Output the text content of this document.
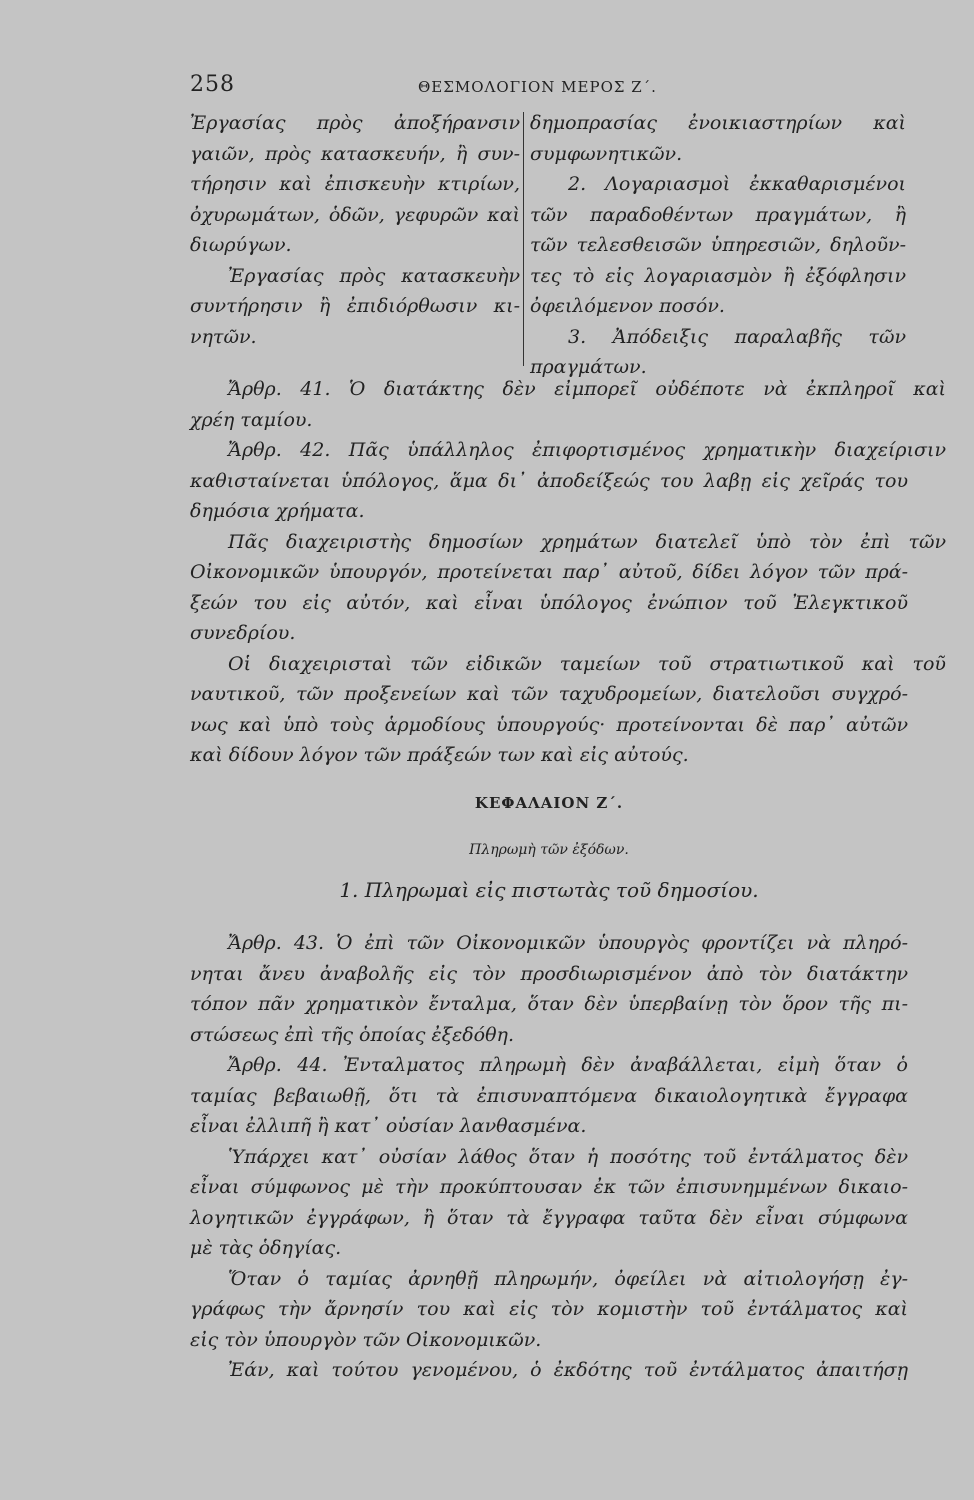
258	ΘΕΣΜΟΛΟΓΙΟΝ ΜΕΡΟΣ Ζ΄.
Ἐργασίας πρὸς ἀποξήρανσιν
γαιῶν, πρὸς κατασκευήν, ἢ συν-
τήρησιν καὶ ἐπισκευὴν κτιρίων,
ὀχυρωμάτων, ὁδῶν, γεφυρῶν καὶ
διωρύγων.
Ἐργασίας πρὸς κατασκευὴν
συντήρησιν ἢ ἐπιδιόρθωσιν κι-
νητῶν.
δημοπρασίας ἐνοικιαστηρίων καὶ
συμφωνητικῶν.
2. Λογαριασμοὶ ἐκκαθαρισμένοι
τῶν παραδοθέντων πραγμάτων, ἢ
τῶν τελεσθεισῶν ὑπηρεσιῶν, δηλοῦν-
τες τὸ εἰς λογαριασμὸν ἢ ἐξόφλησιν
ὀφειλόμενον ποσόν.
3. Ἀπόδειξις παραλαβῆς τῶν
πραγμάτων.
Ἄρθρ. 41. Ὁ διατάκτης δὲν εἰμπορεῖ οὐδέποτε νὰ ἐκπληροῖ καὶ
χρέη ταμίου.
Ἄρθρ. 42. Πᾶς ὑπάλληλος ἐπιφορτισμένος χρηματικὴν διαχείρισιν
καθισταίνεται ὑπόλογος, ἅμα δι᾽ ἀποδείξεώς του λαβῃ εἰς χεῖράς του
δημόσια χρήματα.
Πᾶς διαχειριστὴς δημοσίων χρημάτων διατελεῖ ὑπὸ τὸν ἐπὶ τῶν
Οἰκονομικῶν ὑπουργόν, προτείνεται παρ᾽ αὐτοῦ, δίδει λόγον τῶν πρά-
ξεών του εἰς αὐτόν, καὶ εἶναι ὑπόλογος ἐνώπιον τοῦ Ἐλεγκτικοῦ
συνεδρίου.
Οἱ διαχειρισταὶ τῶν εἰδικῶν ταμείων τοῦ στρατιωτικοῦ καὶ τοῦ
ναυτικοῦ, τῶν προξενείων καὶ τῶν ταχυδρομείων, διατελοῦσι συγχρό-
νως καὶ ὑπὸ τοὺς ἁρμοδίους ὑπουργούς· προτείνονται δὲ παρ᾽ αὐτῶν
καὶ δίδουν λόγον τῶν πράξεών των καὶ εἰς αὐτούς.
ΚΕΦΑΛΑΙΟΝ Ζ΄.
Πληρωμὴ τῶν ἐξόδων.
1. Πληρωμαὶ εἰς πιστωτὰς τοῦ δημοσίου.
Ἄρθρ. 43. Ὁ ἐπὶ τῶν Οἰκονομικῶν ὑπουργὸς φροντίζει νὰ πληρό-
νηται ἄνευ ἀναβολῆς εἰς τὸν προσδιωρισμένον ἀπὸ τὸν διατάκτην
τόπον πᾶν χρηματικὸν ἔνταλμα, ὅταν δὲν ὑπερβαίνῃ τὸν ὅρον τῆς πι-
στώσεως ἐπὶ τῆς ὁποίας ἐξεδόθη.
Ἄρθρ. 44. Ἐνταλματος πληρωμὴ δὲν ἀναβάλλεται, εἰμὴ ὅταν ὁ
ταμίας βεβαιωθῇ, ὅτι τὰ ἐπισυναπτόμενα δικαιολογητικὰ ἔγγραφα
εἶναι ἐλλιπῆ ἢ κατ᾽ οὐσίαν λανθασμένα.
Ὑπάρχει κατ᾽ οὐσίαν λάθος ὅταν ἡ ποσότης τοῦ ἐντάλματος δὲν
εἶναι σύμφωνος μὲ τὴν προκύπτουσαν ἐκ τῶν ἐπισυνημμένων δικαιο-
λογητικῶν ἐγγράφων, ἢ ὅταν τὰ ἔγγραφα ταῦτα δὲν εἶναι σύμφωνα
μὲ τὰς ὁδηγίας.
Ὅταν ὁ ταμίας ἀρνηθῇ πληρωμήν, ὀφείλει νὰ αἰτιολογήσῃ ἐγ-
γράφως τὴν ἄρνησίν του καὶ εἰς τὸν κομιστὴν τοῦ ἐντάλματος καὶ
εἰς τὸν ὑπουργὸν τῶν Οἰκονομικῶν.
Ἐάν, καὶ τούτου γενομένου, ὁ ἐκδότης τοῦ ἐντάλματος ἀπαιτήσῃ
